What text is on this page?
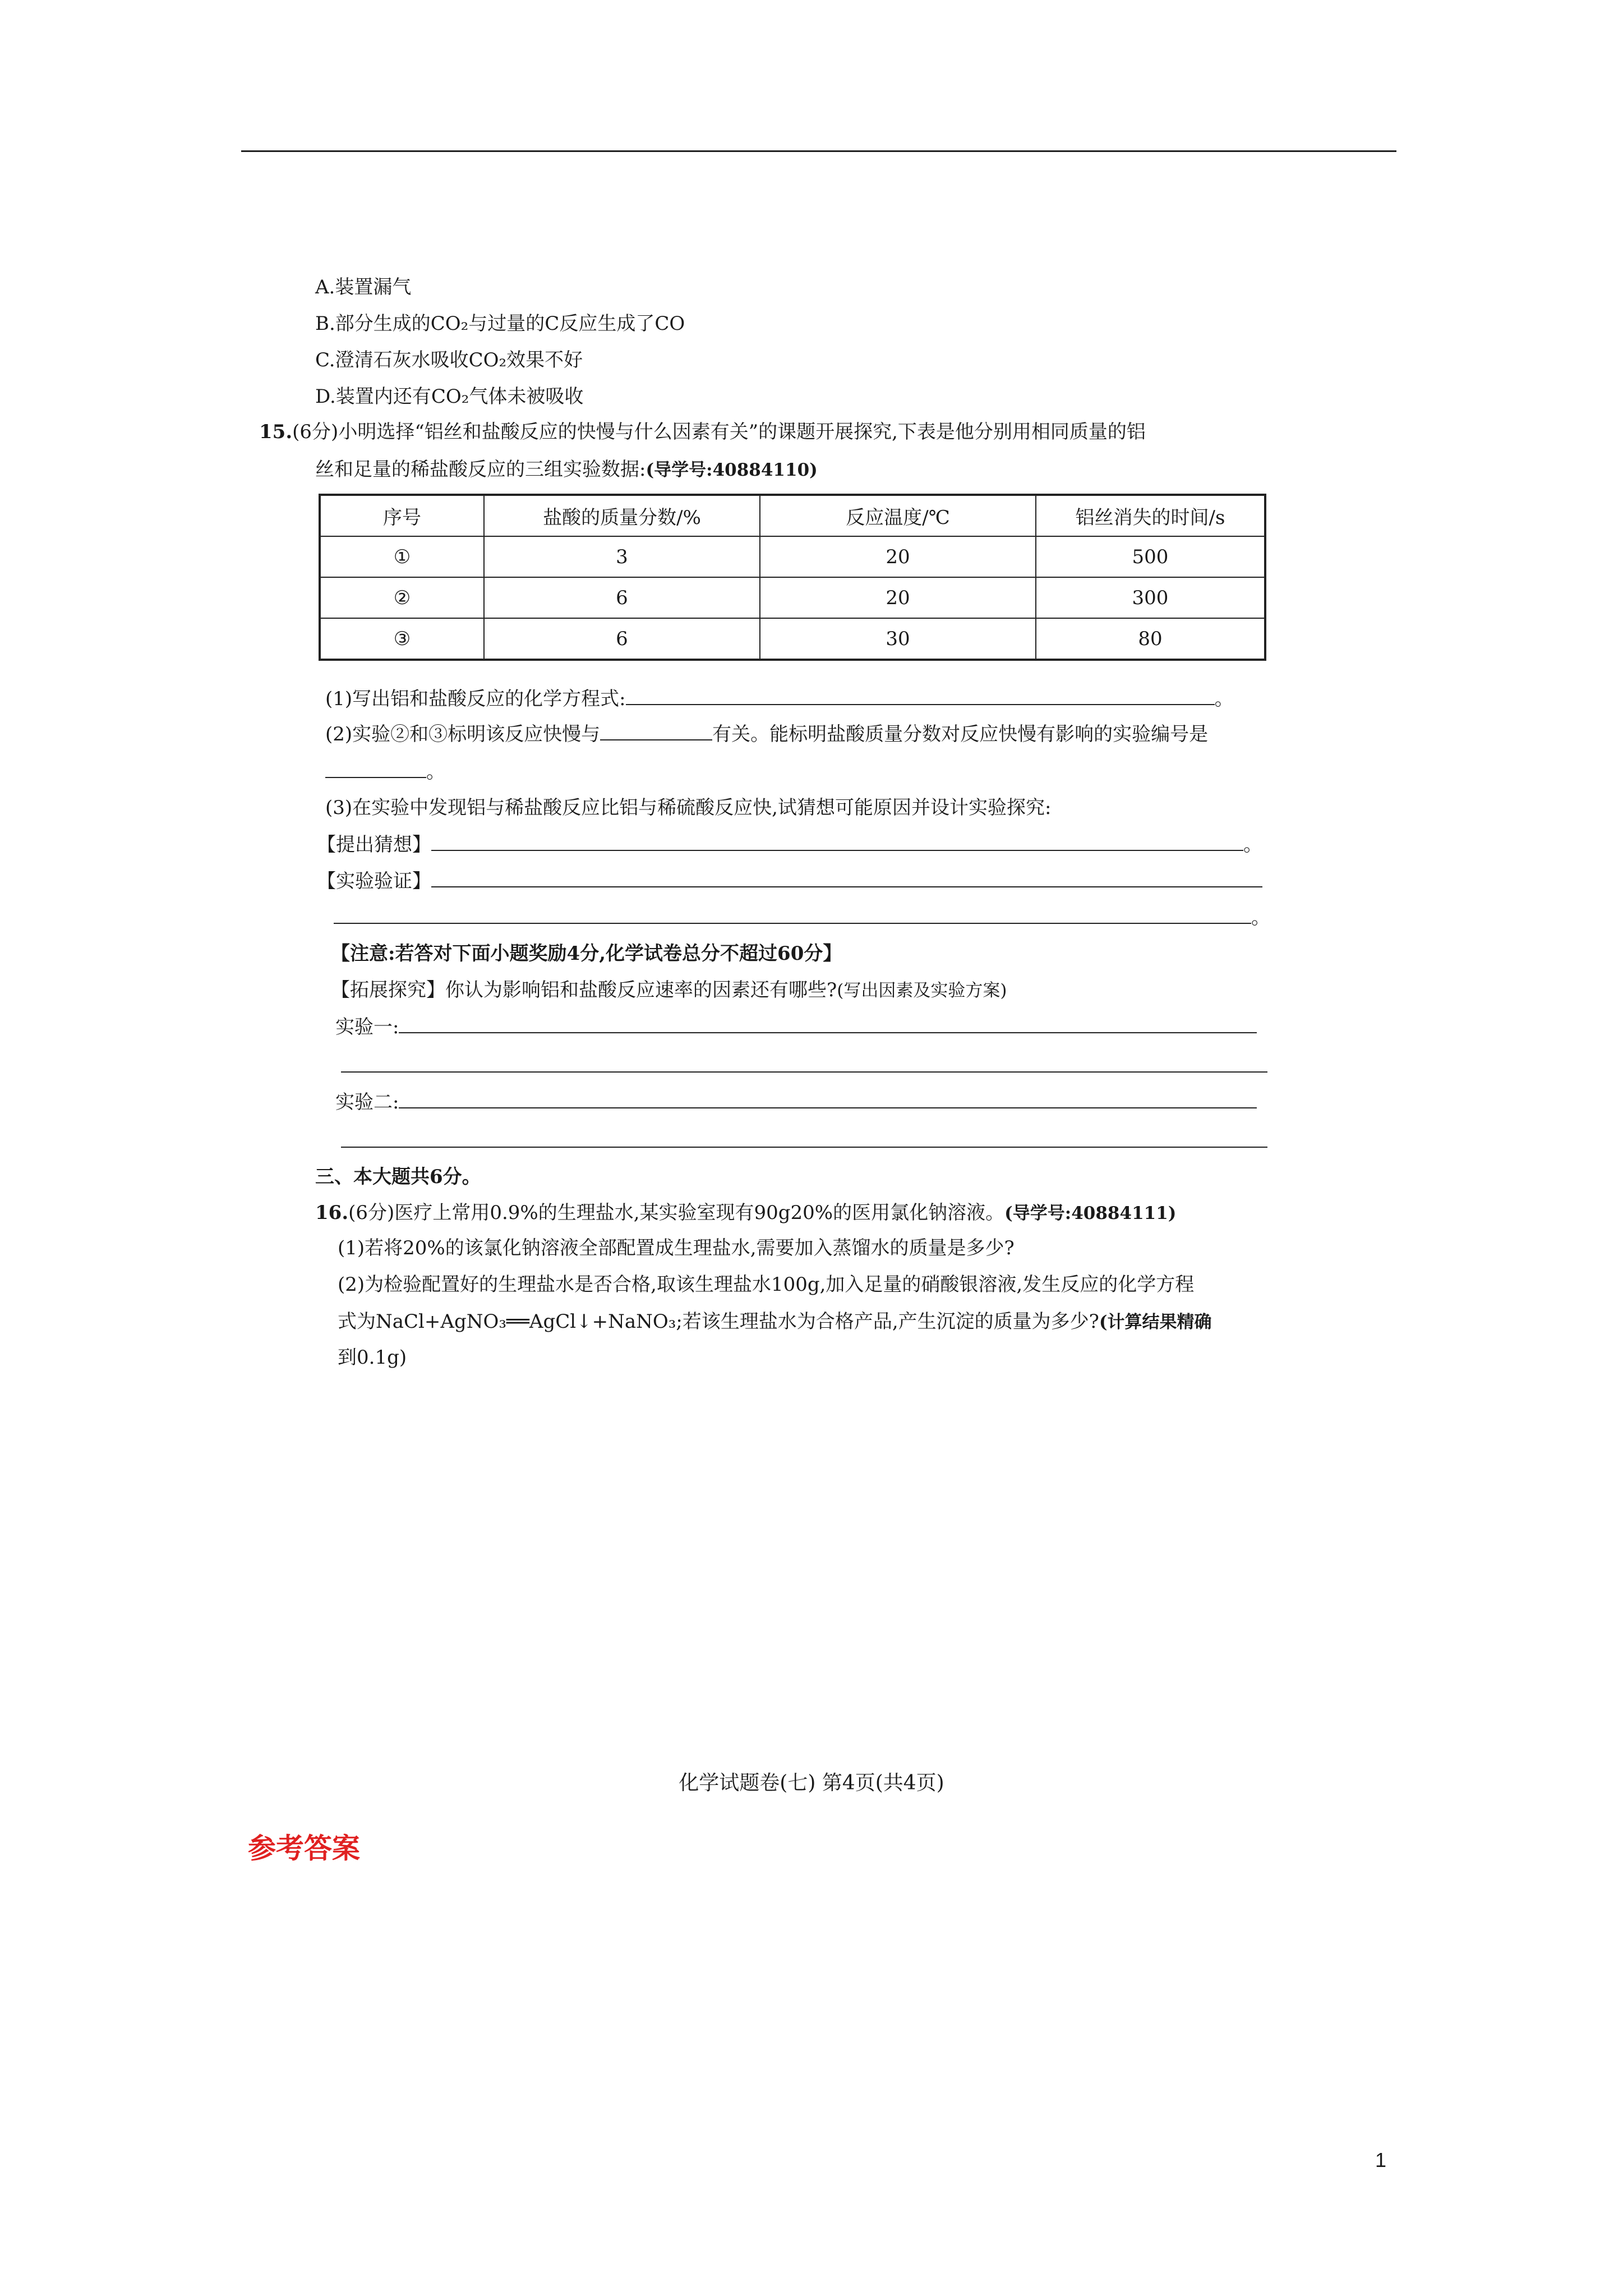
A.装置漏气
B.部分生成的CO₂与过量的C反应生成了CO
C.澄清石灰水吸收CO₂效果不好
D.装置内还有CO₂气体未被吸收
15.(6分)小明选择“铝丝和盐酸反应的快慢与什么因素有关”的课题开展探究,下表是他分别用相同质量的铝
丝和足量的稀盐酸反应的三组实验数据:(导学号:40884110)
序号	盐酸的质量分数/%	反应温度/℃	铝丝消失的时间/s
①	3	20	500
②	6	20	300
③	6	30	80
(1)写出铝和盐酸反应的化学方程式:	。
(2)实验②和③标明该反应快慢与	有关。能标明盐酸质量分数对反应快慢有影响的实验编号是
。
(3)在实验中发现铝与稀盐酸反应比铝与稀硫酸反应快,试猜想可能原因并设计实验探究:
【提出猜想】	。
【实验验证】
。
【注意:若答对下面小题奖励4分,化学试卷总分不超过60分】
【拓展探究】你认为影响铝和盐酸反应速率的因素还有哪些?(写出因素及实验方案)
实验一:
实验二:
三、本大题共6分。
16.(6分)医疗上常用0.9%的生理盐水,某实验室现有90g20%的医用氯化钠溶液。(导学号:40884111)
(1)若将20%的该氯化钠溶液全部配置成生理盐水,需要加入蒸馏水的质量是多少?
(2)为检验配置好的生理盐水是否合格,取该生理盐水100g,加入足量的硝酸银溶液,发生反应的化学方程
式为NaCl+AgNO₃══AgCl↓+NaNO₃;若该生理盐水为合格产品,产生沉淀的质量为多少?(计算结果精确
到0.1g)
化学试题卷(七) 第4页(共4页)
参考答案
1
